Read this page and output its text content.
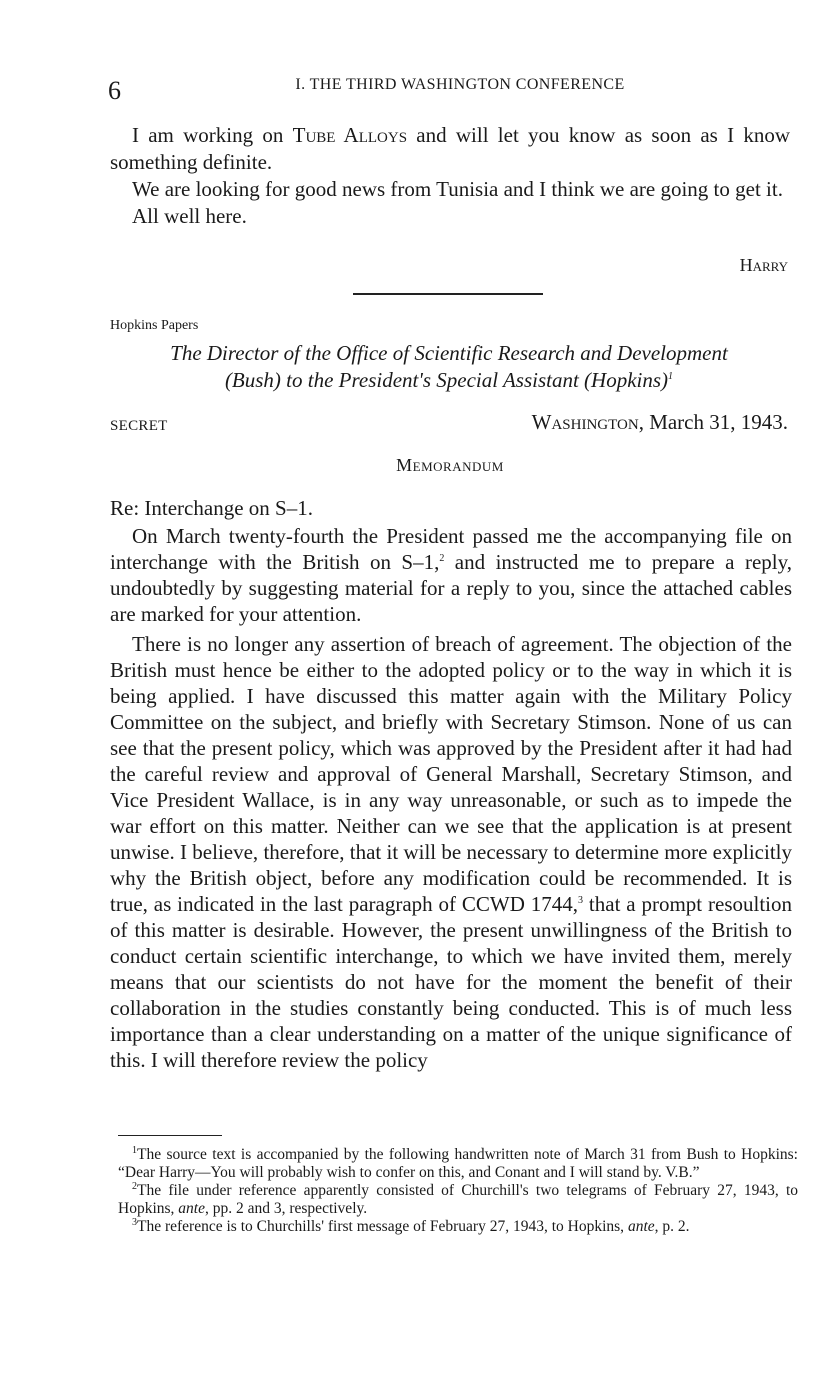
6	I. THE THIRD WASHINGTON CONFERENCE

I am working on Tube Alloys and will let you know as soon as I know something definite.

We are looking for good news from Tunisia and I think we are going to get it.

All well here.

Harry
Hopkins Papers
The Director of the Office of Scientific Research and Development
(Bush) to the President's Special Assistant (Hopkins)$^1$
SECRET	Washington, March 31, 1943.
Memorandum

Re: Interchange on S–1.

On March twenty-fourth the President passed me the accompanying file on interchange with the British on S–1,$^2$ and instructed me to prepare a reply, undoubtedly by suggesting material for a reply to you, since the attached cables are marked for your attention.

There is no longer any assertion of breach of agreement. The objection of the British must hence be either to the adopted policy or to the way in which it is being applied. I have discussed this matter again with the Military Policy Committee on the subject, and briefly with Secretary Stimson. None of us can see that the present policy, which was approved by the President after it had had the careful review and approval of General Marshall, Secretary Stimson, and Vice President Wallace, is in any way unreasonable, or such as to impede the war effort on this matter. Neither can we see that the application is at present unwise. I believe, therefore, that it will be necessary to determine more explicitly why the British object, before any modification could be recommended. It is true, as indicated in the last paragraph of CCWD 1744,$^3$ that a prompt resoultion of this matter is desirable. However, the present unwillingness of the British to conduct certain scientific interchange, to which we have invited them, merely means that our scientists do not have for the moment the benefit of their collaboration in the studies constantly being conducted. This is of much less importance than a clear understanding on a matter of the unique significance of this. I will therefore review the policy

$^1$The source text is accompanied by the following handwritten note of March 31 from Bush to Hopkins: “Dear Harry—You will probably wish to confer on this, and Conant and I will stand by. V.B.”

$^2$The file under reference apparently consisted of Churchill's two telegrams of February 27, 1943, to Hopkins, ante, pp. 2 and 3, respectively.

$^3$The reference is to Churchills' first message of February 27, 1943, to Hopkins, ante, p. 2.
